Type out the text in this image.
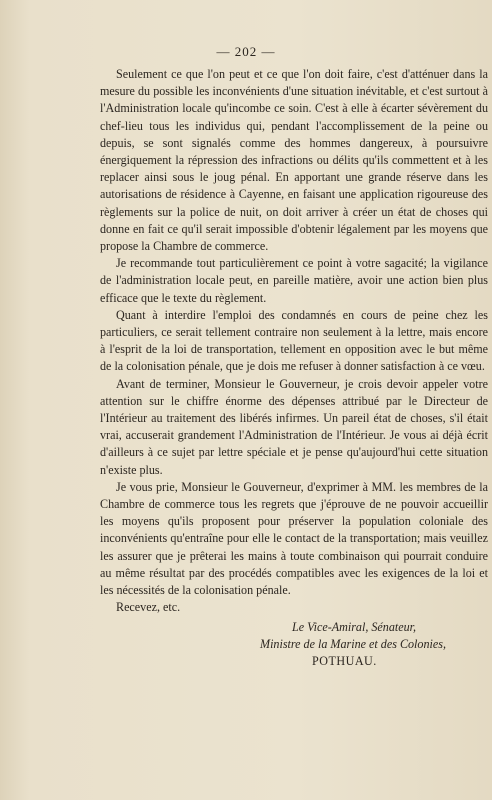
— 202 —

Seulement ce que l'on peut et ce que l'on doit faire, c'est d'atténuer dans la mesure du possible les inconvénients d'une situation inévitable, et c'est surtout à l'Administration locale qu'incombe ce soin. C'est à elle à écarter sévèrement du chef-lieu tous les individus qui, pendant l'accomplissement de la peine ou depuis, se sont signalés comme des hommes dangereux, à poursuivre énergiquement la répression des infractions ou délits qu'ils commettent et à les replacer ainsi sous le joug pénal. En apportant une grande réserve dans les autorisations de résidence à Cayenne, en faisant une application rigoureuse des règlements sur la police de nuit, on doit arriver à créer un état de choses qui donne en fait ce qu'il serait impossible d'obtenir légalement par les moyens que propose la Chambre de commerce.

Je recommande tout particulièrement ce point à votre sagacité; la vigilance de l'administration locale peut, en pareille matière, avoir une action bien plus efficace que le texte du règlement.

Quant à interdire l'emploi des condamnés en cours de peine chez les particuliers, ce serait tellement contraire non seulement à la lettre, mais encore à l'esprit de la loi de transportation, tellement en opposition avec le but même de la colonisation pénale, que je dois me refuser à donner satisfaction à ce vœu.

Avant de terminer, Monsieur le Gouverneur, je crois devoir appeler votre attention sur le chiffre énorme des dépenses attribué par le Directeur de l'Intérieur au traitement des libérés infirmes. Un pareil état de choses, s'il était vrai, accuserait grandement l'Administration de l'Intérieur. Je vous ai déjà écrit d'ailleurs à ce sujet par lettre spéciale et je pense qu'aujourd'hui cette situation n'existe plus.

Je vous prie, Monsieur le Gouverneur, d'exprimer à MM. les membres de la Chambre de commerce tous les regrets que j'éprouve de ne pouvoir accueillir les moyens qu'ils proposent pour préserver la population coloniale des inconvénients qu'entraîne pour elle le contact de la transportation; mais veuillez les assurer que je prêterai les mains à toute combinaison qui pourrait conduire au même résultat par des procédés compatibles avec les exigences de la loi et les nécessités de la colonisation pénale.

Recevez, etc.

Le Vice-Amiral, Sénateur,
Ministre de la Marine et des Colonies,
POTHUAU.
